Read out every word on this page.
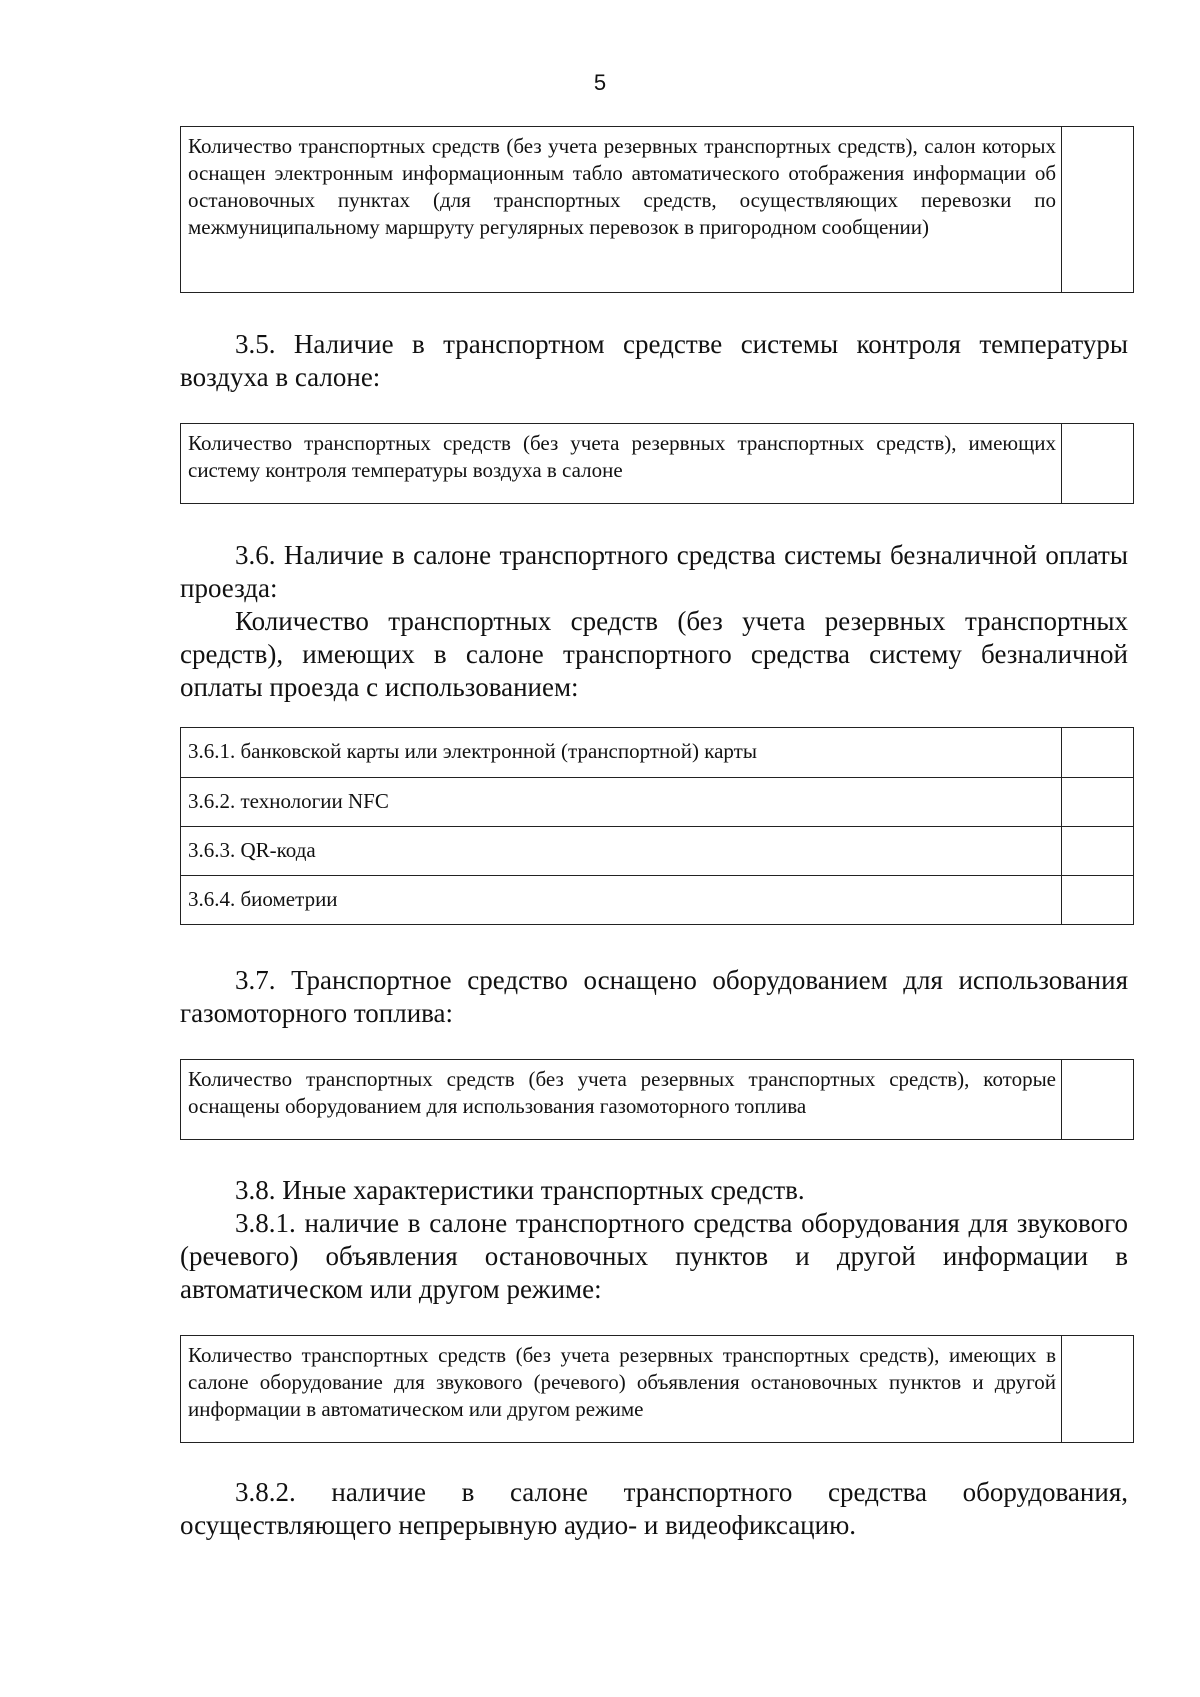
5
Количество транспортных средств (без учета резервных транспортных средств), салон которых оснащен электронным информационным табло автоматического отображения информации об остановочных пунктах (для транспортных средств, осуществляющих перевозки по межмуниципальному маршруту регулярных перевозок в пригородном сообщении)

3.5. Наличие в транспортном средстве системы контроля температуры воздуха в салоне:

Количество транспортных средств (без учета резервных транспортных средств), имеющих систему контроля температуры воздуха в салоне

3.6. Наличие в салоне транспортного средства системы безналичной оплаты проезда:

Количество транспортных средств (без учета резервных транспортных средств), имеющих в салоне транспортного средства систему безналичной оплаты проезда с использованием:

3.6.1. банковской карты или электронной (транспортной) карты
3.6.2. технологии NFC
3.6.3. QR-кода
3.6.4. биометрии

3.7. Транспортное средство оснащено оборудованием для использования газомоторного топлива:

Количество транспортных средств (без учета резервных транспортных средств), которые оснащены оборудованием для использования газомоторного топлива

3.8. Иные характеристики транспортных средств.

3.8.1. наличие в салоне транспортного средства оборудования для звукового (речевого) объявления остановочных пунктов и другой информации в автоматическом или другом режиме:

Количество транспортных средств (без учета резервных транспортных средств), имеющих в салоне оборудование для звукового (речевого) объявления остановочных пунктов и другой информации в автоматическом или другом режиме

3.8.2. наличие в салоне транспортного средства оборудования, осуществляющего непрерывную аудио- и видеофиксацию.
